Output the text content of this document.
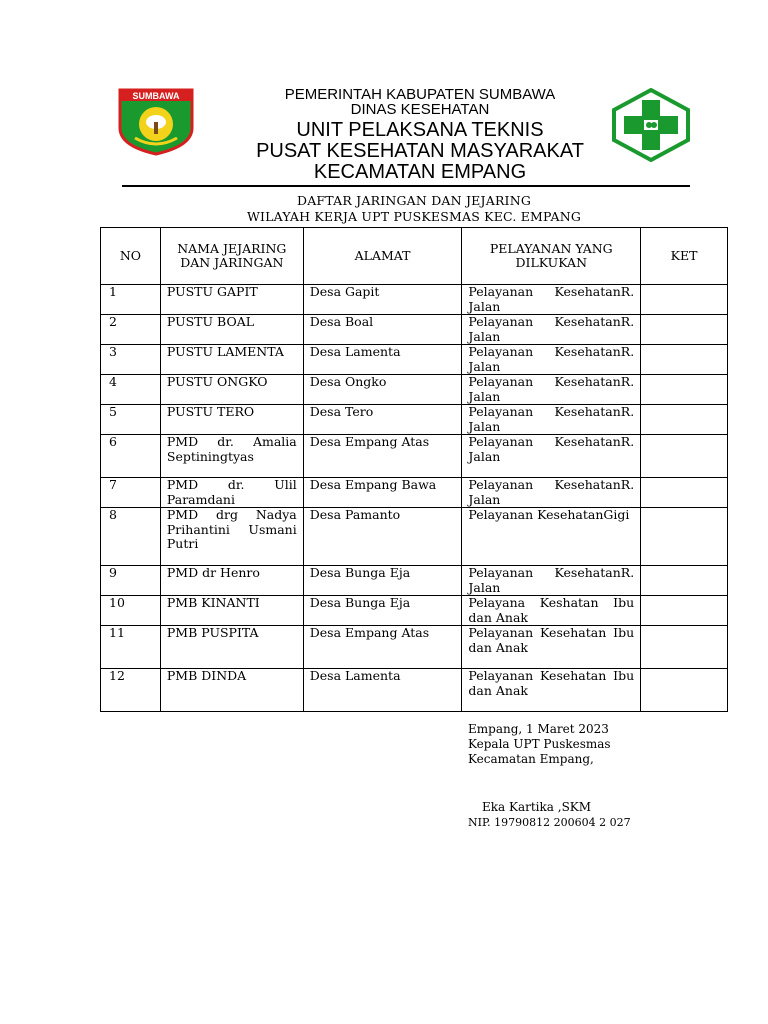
SUMBAWA	PEMERINTAH KABUPATEN SUMBAWA
DINAS KESEHATAN
UNIT PELAKSANA TEKNIS
PUSAT KESEHATAN MASYARAKAT
KECAMATAN EMPANG
DAFTAR JARINGAN DAN JEJARING
WILAYAH KERJA UPT PUSKESMAS KEC. EMPANG
NO	NAMA JEJARING DAN JARINGAN	ALAMAT	PELAYANAN YANG DILKUKAN	KET
1	PUSTU GAPIT	Desa Gapit	Pelayanan KesehatanR. Jalan	
2	PUSTU BOAL	Desa Boal	Pelayanan KesehatanR. Jalan	
3	PUSTU LAMENTA	Desa Lamenta	Pelayanan KesehatanR. Jalan	
4	PUSTU ONGKO	Desa Ongko	Pelayanan KesehatanR. Jalan	
5	PUSTU TERO	Desa Tero	Pelayanan KesehatanR. Jalan	
6	PMD dr. Amalia Septiningtyas	Desa Empang Atas	Pelayanan KesehatanR. Jalan	
7	PMD dr. Ulil Paramdani	Desa Empang Bawa	Pelayanan KesehatanR. Jalan	
8	PMD drg Nadya Prihantini Usmani Putri	Desa Pamanto	Pelayanan KesehatanGigi	
9	PMD dr Henro	Desa Bunga Eja	Pelayanan KesehatanR. Jalan	
10	PMB KINANTI	Desa Bunga Eja	Pelayana Keshatan Ibu dan Anak	
11	PMB PUSPITA	Desa Empang Atas	Pelayanan Kesehatan Ibu dan Anak	
12	PMB DINDA	Desa Lamenta	Pelayanan Kesehatan Ibu dan Anak	
Empang, 1 Maret 2023
Kepala UPT Puskesmas
Kecamatan Empang,
Eka Kartika ,SKM
NIP. 19790812 200604 2 027
